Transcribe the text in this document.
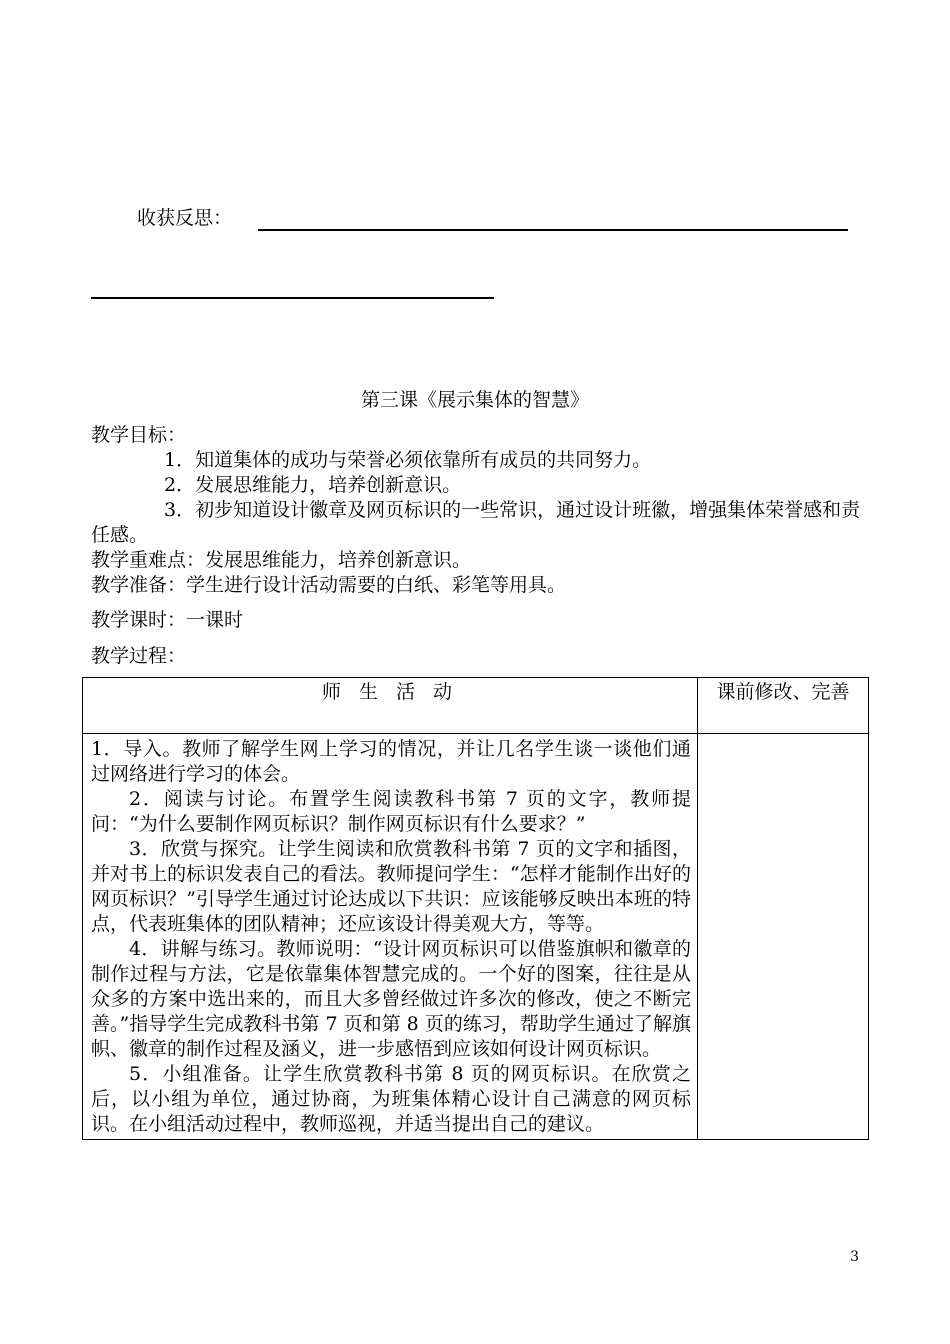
收获反思：
第三课《展示集体的智慧》

教学目标：

1．知道集体的成功与荣誉必须依靠所有成员的共同努力。

2．发展思维能力，培养创新意识。

3．初步知道设计徽章及网页标识的一些常识，通过设计班徽，增强集体荣誉感和责任感。

教学重难点：发展思维能力，培养创新意识。

教学准备：学生进行设计活动需要的白纸、彩笔等用具。

教学课时：一课时
教学过程：
师 生 活 动	课前修改、完善

1．导入。教师了解学生网上学习的情况，并让几名学生谈一谈他们通过网络进行学习的体会。

2．阅读与讨论。布置学生阅读教科书第 7 页的文字，教师提问：“为什么要制作网页标识？制作网页标识有什么要求？”

3．欣赏与探究。让学生阅读和欣赏教科书第 7 页的文字和插图，并对书上的标识发表自己的看法。教师提问学生：“怎样才能制作出好的网页标识？”引导学生通过讨论达成以下共识：应该能够反映出本班的特点，代表班集体的团队精神；还应该设计得美观大方，等等。

4．讲解与练习。教师说明：“设计网页标识可以借鉴旗帜和徽章的制作过程与方法，它是依靠集体智慧完成的。一个好的图案，往往是从众多的方案中选出来的，而且大多曾经做过许多次的修改，使之不断完善。”指导学生完成教科书第 7 页和第 8 页的练习，帮助学生通过了解旗帜、徽章的制作过程及涵义，进一步感悟到应该如何设计网页标识。

5．小组准备。让学生欣赏教科书第 8 页的网页标识。在欣赏之后，以小组为单位，通过协商，为班集体精心设计自己满意的网页标识。在小组活动过程中，教师巡视，并适当提出自己的建议。	

3
